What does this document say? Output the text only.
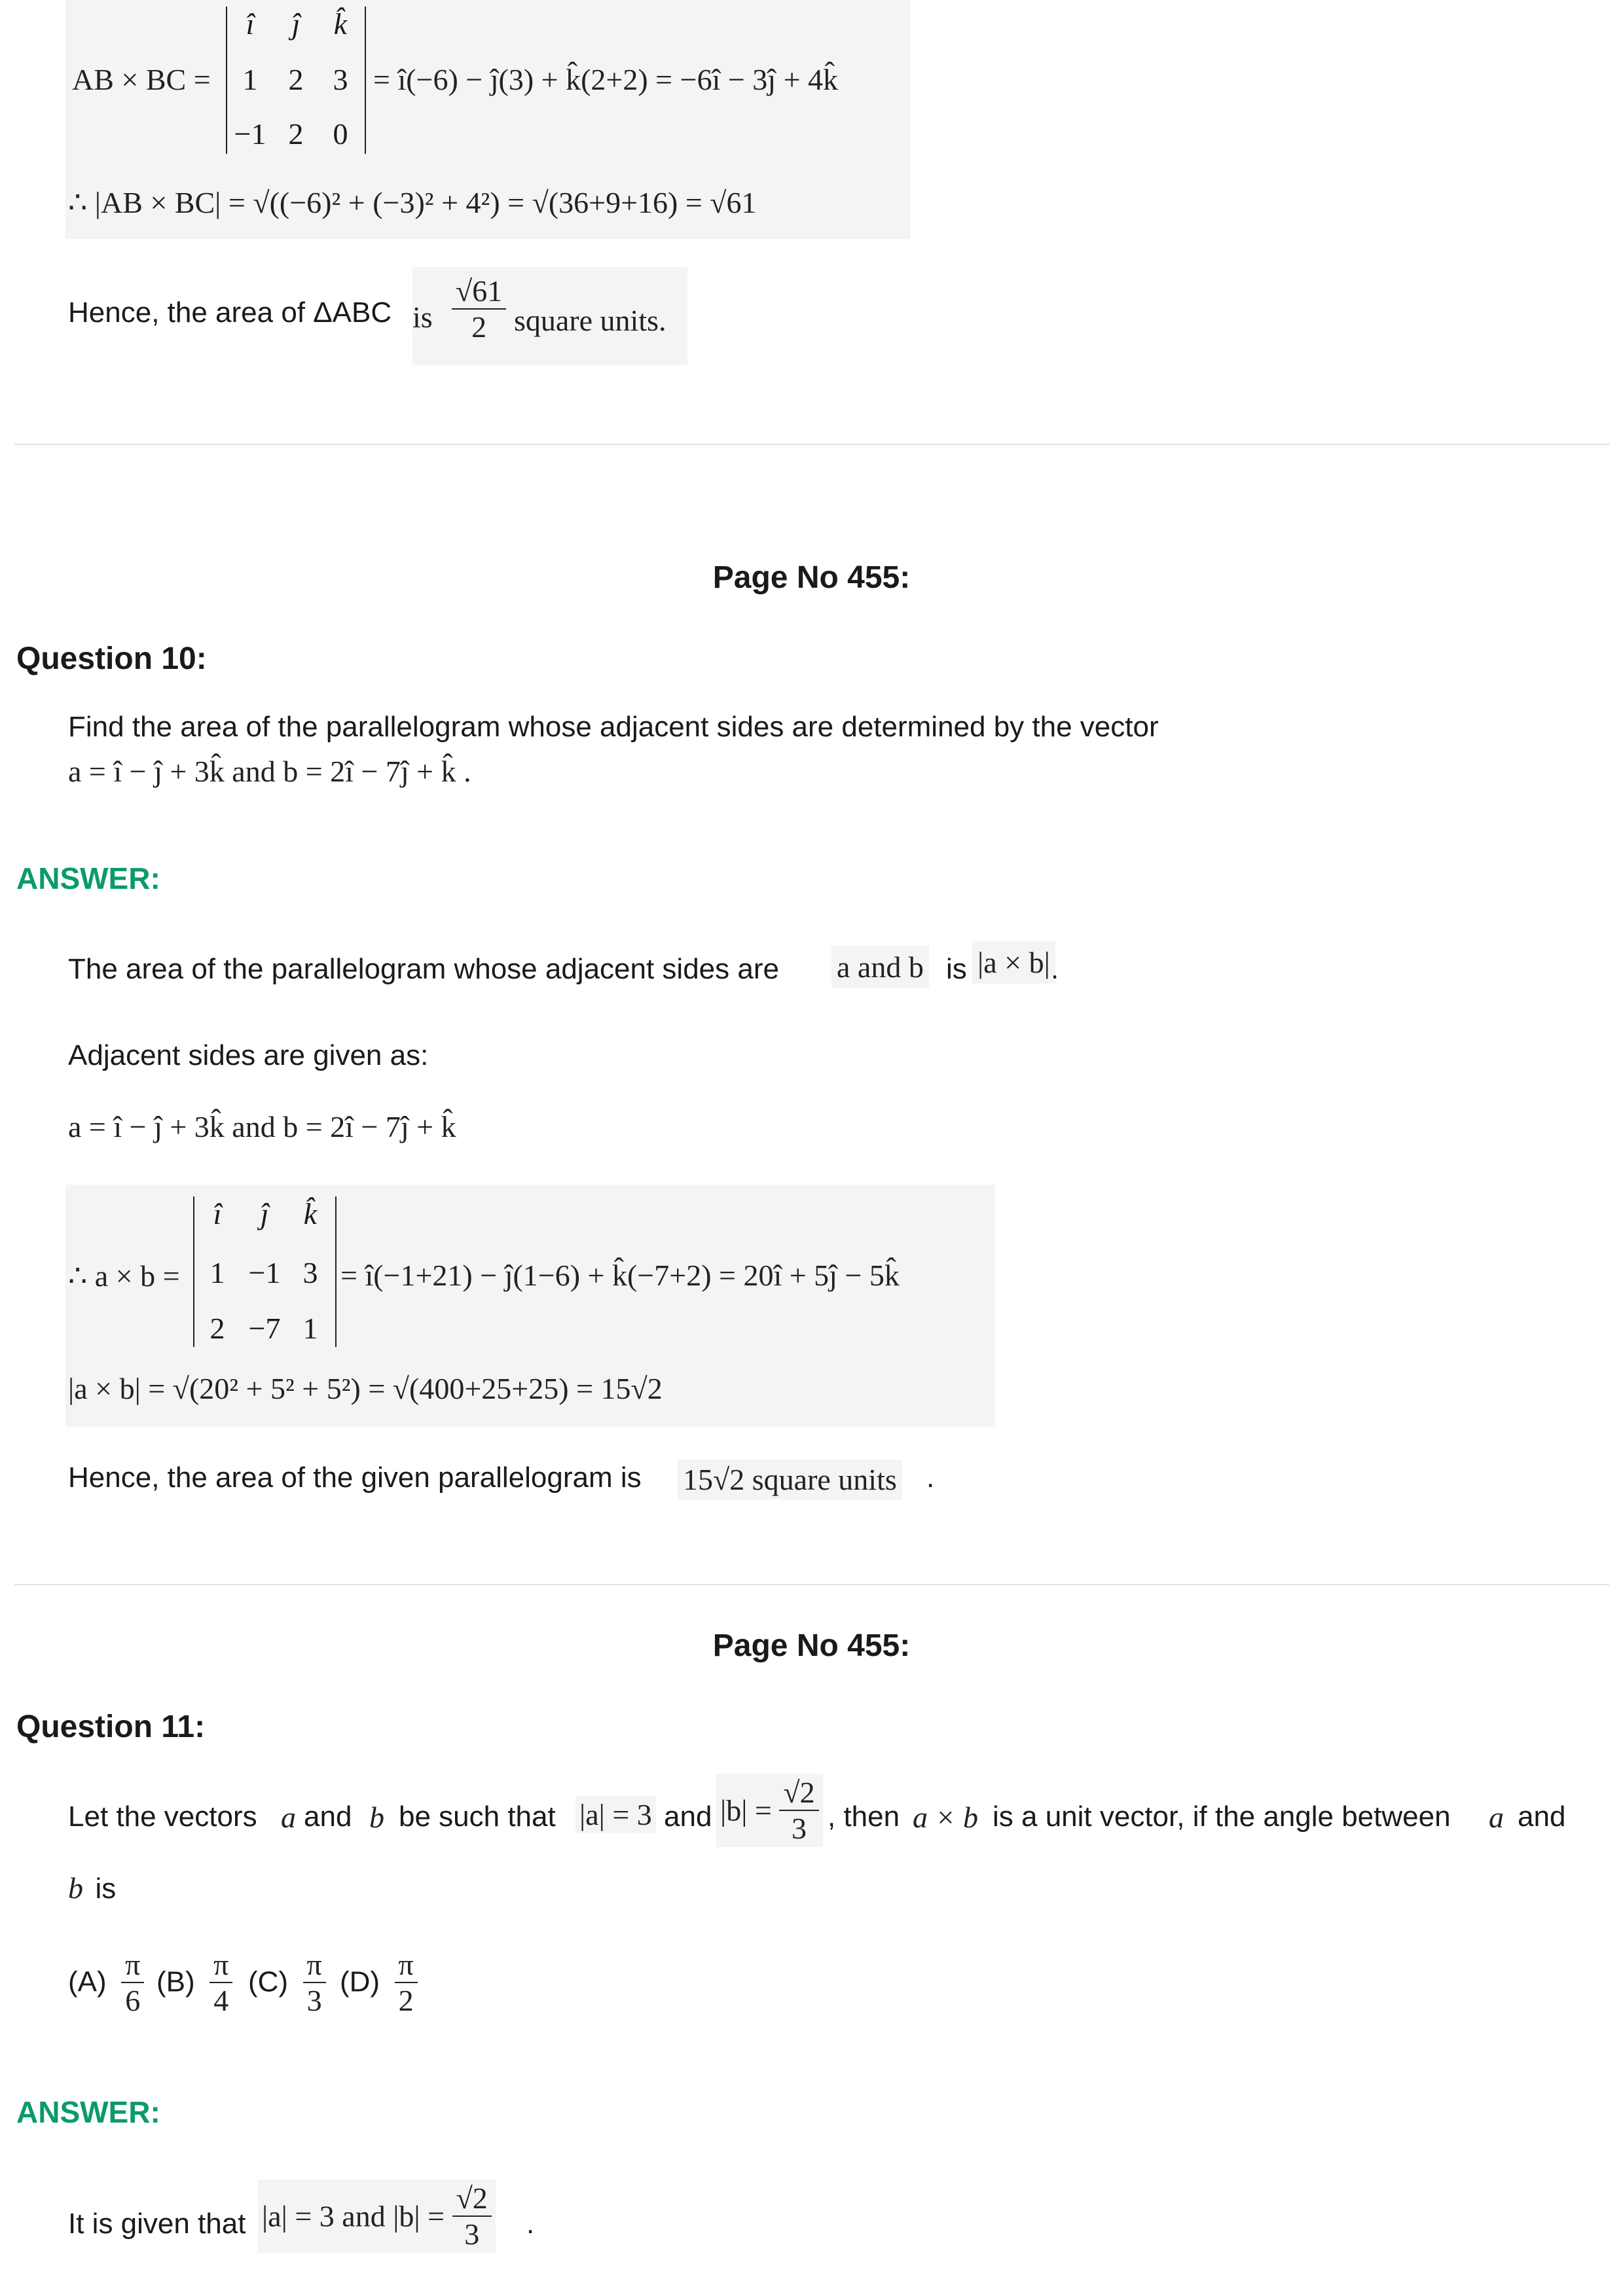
AB × BC =
î	ĵ	k̂
1	2 3
−1 2 0
= î(−6) − ĵ(3) + k̂(2+2) = −6î − 3ĵ + 4k̂
∴ |AB × BC| = √((−6)² + (−3)² + 4²) = √(36+9+16) = √61
Hence, the area of ΔABC is $\frac{√61}{2}$ square units.
Page No 455:
Question 10:
Find the area of the parallelogram whose adjacent sides are determined by the vector
a = î − ĵ + 3k̂ and b = 2î − 7ĵ + k̂ .
ANSWER:
The area of the parallelogram whose adjacent sides are a and b is |a × b| .
Adjacent sides are given as:
a = î − ĵ + 3k̂ and b = 2î − 7ĵ + k̂
∴ a × b =
î	ĵ	k̂
1 −1 3
2 −7 1
= î(−1+21) − ĵ(1−6) + k̂(−7+2) = 20î + 5ĵ − 5k̂
|a × b| = √(20² + 5² + 5²) = √(400+25+25) = 15√2
Hence, the area of the given parallelogram is 15√2 square units .
Page No 455:
Question 11:
Let the vectors a and b be such that |a| = 3 and $|b| = \frac{√2}{3}$ , then a × b is a unit vector, if the angle between a and
b is
$(A) \frac{\pi}{6} (B) \frac{\pi}{4} (C) \frac{\pi}{3} (D) \frac{\pi}{2}$
ANSWER:
It is given that |a| = 3 and $|b| = \frac{√2}{3}$ .
